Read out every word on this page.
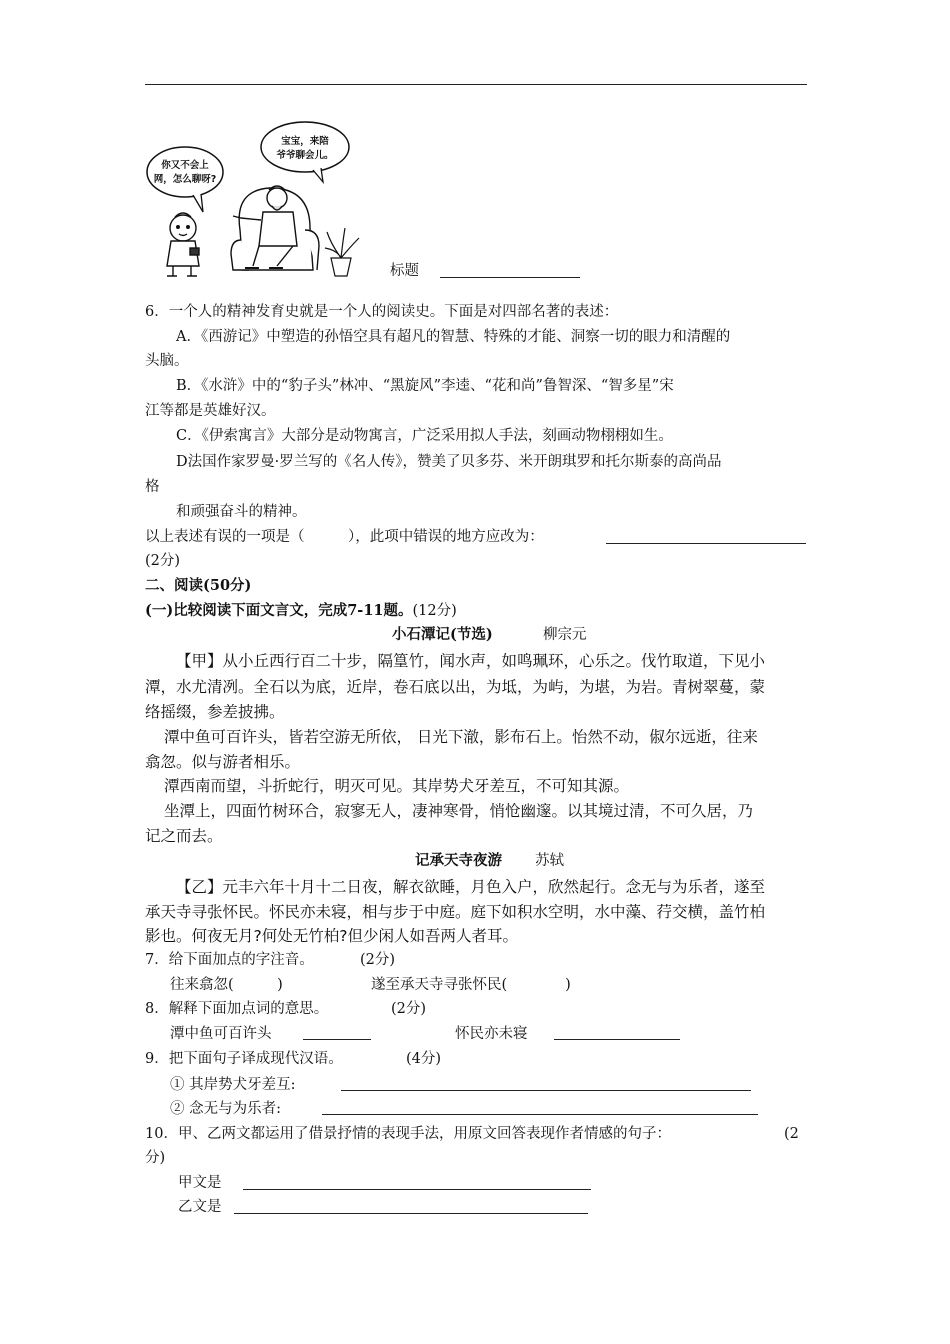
你又不会上
网，怎么聊呀?
宝宝，来陪
爷爷聊会儿。
标题
6．一个人的精神发育史就是一个人的阅读史。下面是对四部名著的表述：
A．《西游记》中塑造的孙悟空具有超凡的智慧、特殊的才能、洞察一切的眼力和清醒的
头脑。
B．《水浒》中的“豹子头”林冲、“黑旋风”李逵、“花和尚”鲁智深、“智多星”宋
江等都是英雄好汉。
C．《伊索寓言》大部分是动物寓言，广泛采用拟人手法，刻画动物栩栩如生。
D法国作家罗曼·罗兰写的《名人传》，赞美了贝多芬、米开朗琪罗和托尔斯泰的高尚品
格
和顽强奋斗的精神。
以上表述有误的一项是（　　　），此项中错误的地方应改为：
(2分)
二、阅读(50分)
(一)比较阅读下面文言文，完成7-11题。(12分)
小石潭记(节选)	柳宗元
【甲】从小丘西行百二十步，隔篁竹，闻水声，如鸣珮环，心乐之。伐竹取道，下见小
潭，水尤清冽。全石以为底，近岸，卷石底以出，为坻，为屿，为堪，为岩。青树翠蔓，蒙
络摇缀，参差披拂。
潭中鱼可百许头，皆若空游无所依， 日光下澈，影布石上。怡然不动，俶尔远逝，往来
翕忽。似与游者相乐。
潭西南而望，斗折蛇行，明灭可见。其岸势犬牙差互，不可知其源。
坐潭上，四面竹树环合，寂寥无人，凄神寒骨，悄怆幽邃。以其境过清，不可久居，乃
记之而去。
记承天寺夜游 苏轼
【乙】元丰六年十月十二日夜，解衣欲睡，月色入户，欣然起行。念无与为乐者，遂至
承天寺寻张怀民。怀民亦未寝，相与步于中庭。庭下如积水空明，水中藻、荇交横，盖竹柏
影也。何夜无月?何处无竹柏?但少闲人如吾两人者耳。
7．给下面加点的字注音。	(2分)
往来翕忽(　　　)	遂至承天寺寻张怀民(　　　　)
8．解释下面加点词的意思。	(2分)
潭中鱼可百许头	怀民亦未寝
9．把下面句子译成现代汉语。	(4分)
① 其岸势犬牙差互:
② 念无与为乐者:
10．甲、乙两文都运用了借景抒情的表现手法，用原文回答表现作者情感的句子：	(2
分)
甲文是
乙文是
